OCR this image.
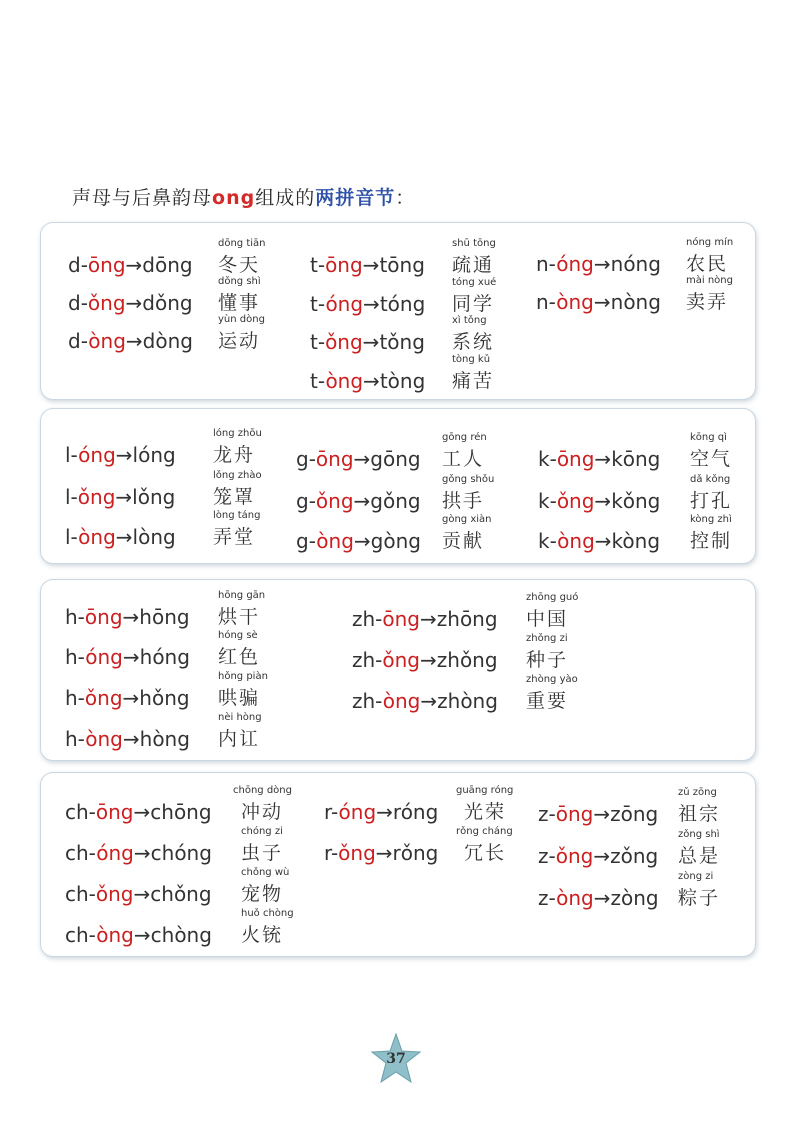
声母与后鼻韵母ong组成的两拼音节：
d-ōng→dōng
dōng tiān
冬天
d-ǒng→dǒng
dǒng shì
懂事
d-òng→dòng
yùn dòng
运动
t-ōng→tōng
shū tōng
疏通
t-óng→tóng
tóng xué
同学
t-ǒng→tǒng
xì tǒng
系统
t-òng→tòng
tòng kǔ
痛苦
n-óng→nóng
nóng mín
农民
n-òng→nòng
mài nòng
卖弄
l-óng→lóng
lóng zhōu
龙舟
l-ǒng→lǒng
lǒng zhào
笼罩
l-òng→lòng
lòng táng
弄堂
g-ōng→gōng
gōng rén
工人
g-ǒng→gǒng
gǒng shǒu
拱手
g-òng→gòng
gòng xiàn
贡献
k-ōng→kōng
kōng qì
空气
k-ǒng→kǒng
dǎ kǒng
打孔
k-òng→kòng
kòng zhì
控制
h-ōng→hōng
hōng gān
烘干
h-óng→hóng
hóng sè
红色
h-ǒng→hǒng
hǒng piàn
哄骗
h-òng→hòng
nèi hòng
内讧
zh-ōng→zhōng
zhōng guó
中国
zh-ǒng→zhǒng
zhǒng zi
种子
zh-òng→zhòng
zhòng yào
重要
ch-ōng→chōng
chōng dòng
冲动
ch-óng→chóng
chóng zi
虫子
ch-ǒng→chǒng
chǒng wù
宠物
ch-òng→chòng
huǒ chòng
火铳
r-óng→róng
guāng róng
光荣
r-ǒng→rǒng
rǒng cháng
冗长
z-ōng→zōng
zǔ zōng
祖宗
z-ǒng→zǒng
zǒng shì
总是
z-òng→zòng
zòng zi
粽子
37
